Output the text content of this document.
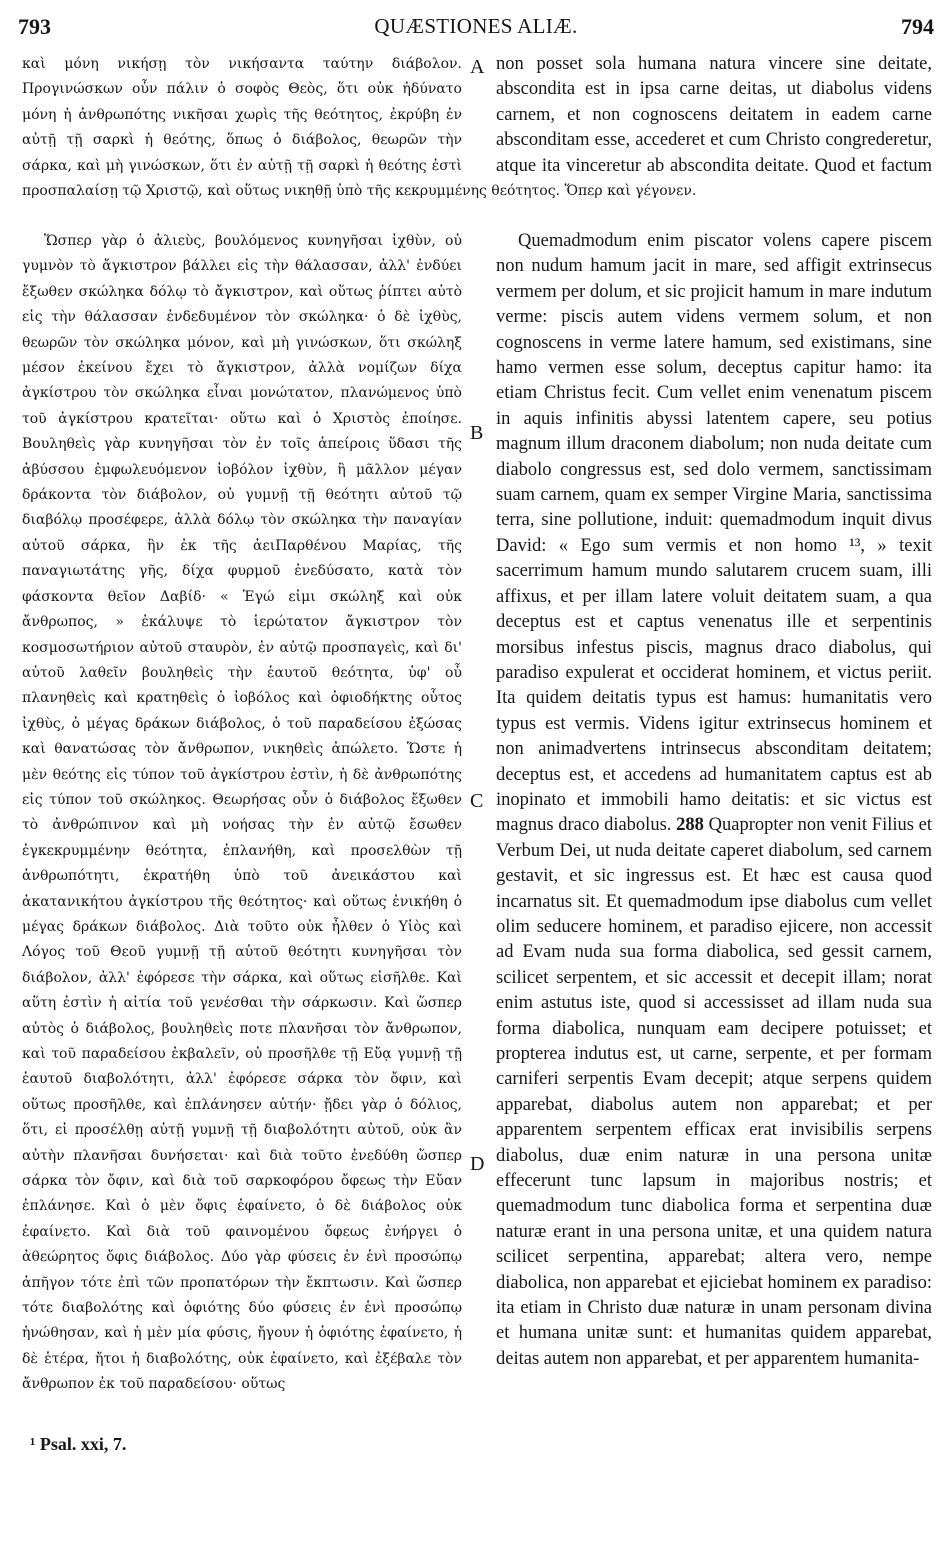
793	QUÆSTIONES ALIÆ.	794

καὶ μόνη νικήσῃ τὸν νικήσαντα ταύτην διάβολον. Προγινώσκων οὖν πάλιν ὁ σοφὸς Θεὸς, ὅτι οὐκ ἠδύνατο μόνη ἡ ἀνθρωπότης νικῆσαι χωρὶς τῆς θεότητος, ἐκρύβη ἐν αὐτῇ τῇ σαρκὶ ἡ θεότης, ὅπως ὁ διάβολος, θεωρῶν τὴν σάρκα, καὶ μὴ γινώσκων, ὅτι ἐν αὐτῇ τῇ σαρκὶ ἡ θεότης ἐστὶ

Ὥσπερ γὰρ ὁ ἁλιεὺς, βουλόμενος κυνηγῆσαι ἰχθὺν, οὐ γυμνὸν τὸ ἄγκιστρον βάλλει εἰς τὴν θάλασσαν, ἀλλ' ἐνδύει ἔξωθεν σκώληκα δόλῳ τὸ ἄγκιστρον, καὶ οὕτως ῥίπτει αὐτὸ εἰς τὴν θάλασσαν ἐνδεδυμένον τὸν σκώληκα· ὁ δὲ ἰχθὺς, θεωρῶν τὸν σκώληκα μόνον, καὶ μὴ γινώσκων, ὅτι σκώληξ μέσον ἐκείνου ἔχει τὸ ἄγκιστρον, ἀλλὰ νομίζων δίχα ἀγκίστρου τὸν σκώληκα εἶναι μονώτατον, πλανώμενος ὑπὸ τοῦ ἀγκίστρου κρατεῖται· οὕτω καὶ ὁ Χριστὸς ἐποίησε. Βουληθεὶς γὰρ κυνηγῆσαι τὸν ἐν τοῖς ἀπείροις ὕδασι τῆς ἀβύσσου ἐμφωλευόμενον ἰοβόλον ἰχθὺν, ἢ μᾶλλον μέγαν δράκοντα τὸν διάβολον, οὐ γυμνῇ τῇ θεότητι αὐτοῦ τῷ διαβόλῳ προσέφερε, ἀλλὰ δόλῳ τὸν σκώληκα τὴν παναγίαν αὐτοῦ σάρκα, ἣν ἐκ τῆς ἀειΠαρθένου Μαρίας, τῆς παναγιωτάτης γῆς, δίχα φυρμοῦ ἐνεδύσατο, κατὰ τὸν φάσκοντα θεῖον Δαβίδ· « Ἐγώ εἰμι σκώληξ καὶ οὐκ ἄνθρωπος, » ἐκάλυψε τὸ ἱερώτατον ἄγκιστρον τὸν κοσμοσωτήριον αὐτοῦ σταυρὸν, ἐν αὐτῷ προσπαγεὶς, καὶ δι' αὐτοῦ λαθεῖν βουληθεὶς τὴν ἑαυτοῦ θεότητα, ὑφ' οὗ πλανηθεὶς καὶ κρατηθεὶς ὁ ἰοβόλος καὶ ὀφιοδήκτης οὗτος ἰχθὺς, ὁ μέγας δράκων διάβολος, ὁ τοῦ παραδείσου ἐξώσας καὶ θανατώσας τὸν ἄνθρωπον, νικηθεὶς ἀπώλετο. Ὥστε ἡ μὲν θεότης εἰς τύπον τοῦ ἀγκίστρου ἐστὶν, ἡ δὲ ἀνθρωπότης εἰς τύπον τοῦ σκώληκος. Θεωρήσας οὖν ὁ διάβολος ἔξωθεν τὸ ἀνθρώπινον καὶ μὴ νοήσας τὴν ἐν αὐτῷ ἔσωθεν ἐγκεκρυμμένην θεότητα, ἐπλανήθη, καὶ προσελθὼν τῇ ἀνθρωπότητι, ἐκρατήθη ὑπὸ τοῦ ἀνεικάστου καὶ ἀκατανικήτου ἀγκίστρου τῆς θεότητος· καὶ οὕτως ἐνικήθη ὁ μέγας δράκων διάβολος. Διὰ τοῦτο οὐκ ἦλθεν ὁ Υἱὸς καὶ Λόγος τοῦ Θεοῦ γυμνῇ τῇ αὐτοῦ θεότητι κυνηγῆσαι τὸν διάβολον, ἀλλ' ἐφόρεσε τὴν σάρκα, καὶ οὕτως εἰσῆλθε. Καὶ αὕτη ἐστὶν ἡ αἰτία τοῦ γενέσθαι τὴν σάρκωσιν. Καὶ ὥσπερ αὐτὸς ὁ διάβολος, βουληθεὶς ποτε πλανῆσαι τὸν ἄνθρωπον, καὶ τοῦ παραδείσου ἐκβαλεῖν, οὐ προσῆλθε τῇ Εὔᾳ γυμνῇ τῇ ἑαυτοῦ διαβολότητι, ἀλλ' ἐφόρεσε σάρκα τὸν ὄφιν, καὶ οὕτως προσῆλθε, καὶ ἐπλάνησεν αὐτήν· ᾔδει γὰρ ὁ δόλιος, ὅτι, εἰ προσέλθῃ αὐτῇ γυμνῇ τῇ διαβολότητι αὐτοῦ, οὐκ ἂν αὐτὴν πλανῆσαι δυνήσεται· καὶ διὰ τοῦτο ἐνεδύθη ὥσπερ σάρκα τὸν ὄφιν, καὶ διὰ τοῦ σαρκοφόρου ὄφεως τὴν Εὔαν ἐπλάνησε. Καὶ ὁ μὲν ὄφις ἐφαίνετο, ὁ δὲ διάβολος οὐκ ἐφαίνετο. Καὶ διὰ τοῦ φαινομένου ὄφεως ἐνήργει ὁ ἀθεώρητος ὄφις διάβολος. Δύο γὰρ φύσεις ἐν ἑνὶ προσώπῳ ἀπῆγον τότε ἐπὶ τῶν προπατόρων τὴν ἔκπτωσιν. Καὶ ὥσπερ τότε διαβολότης καὶ ὀφιότης δύο φύσεις ἐν ἑνὶ προσώπῳ ἡνώθησαν, καὶ ἡ μὲν μία φύσις, ἤγουν ἡ ὀφιότης ἐφαίνετο, ἡ δὲ ἑτέρα, ἤτοι ἡ διαβολότης, οὐκ ἐφαίνετο, καὶ ἐξέβαλε τὸν ἄνθρωπον ἐκ τοῦ παραδείσου· οὕτως

προσπαλαίσῃ τῷ Χριστῷ, καὶ οὕτως νικηθῇ ὑπὸ τῆς κεκρυμμένης θεότητος. Ὅπερ καὶ γέγονεν.

non posset sola humana natura vincere sine deitate, abscondita est in ipsa carne deitas, ut diabolus videns carnem, et non cognoscens deitatem in eadem carne absconditam esse, accederet et cum Christo congrederetur, atque ita vinceretur ab abscondita deitate. Quod et factum

Quemadmodum enim piscator volens capere piscem non nudum hamum jacit in mare, sed affigit extrinsecus vermem per dolum, et sic projicit hamum in mare indutum verme: piscis autem videns vermem solum, et non cognoscens in verme latere hamum, sed existimans, sine hamo vermen esse solum, deceptus capitur hamo: ita etiam Christus fecit. Cum vellet enim venenatum piscem in aquis infinitis abyssi latentem capere, seu potius magnum illum draconem diabolum; non nuda deitate cum diabolo congressus est, sed dolo vermem, sanctissimam suam carnem, quam ex semper Virgine Maria, sanctissima terra, sine pollutione, induit: quemadmodum inquit divus David: « Ego sum vermis et non homo ¹³, » texit sacerrimum hamum mundo salutarem crucem suam, illi affixus, et per illam latere voluit deitatem suam, a qua deceptus est et captus venenatus ille et serpentinis morsibus infestus piscis, magnus draco diabolus, qui paradiso expulerat et occiderat hominem, et victus periit. Ita quidem deitatis typus est hamus: humanitatis vero typus est vermis. Videns igitur extrinsecus hominem et non animadvertens intrinsecus absconditam deitatem; deceptus est, et accedens ad humanitatem captus est ab inopinato et immobili hamo deitatis: et sic victus est magnus draco diabolus. 288 Quapropter non venit Filius et Verbum Dei, ut nuda deitate caperet diabolum, sed carnem gestavit, et sic ingressus est. Et hæc est causa quod incarnatus sit. Et quemadmodum ipse diabolus cum vellet olim seducere hominem, et paradiso ejicere, non accessit ad Evam nuda sua forma diabolica, sed gessit carnem, scilicet serpentem, et sic accessit et decepit illam; norat enim astutus iste, quod si accessisset ad illam nuda sua forma diabolica, nunquam eam decipere potuisset; et propterea indutus est, ut carne, serpente, et per formam carniferi serpentis Evam decepit; atque serpens quidem apparebat, diabolus autem non apparebat; et per apparentem serpentem efficax erat invisibilis serpens diabolus, duæ enim naturæ in una persona unitæ effecerunt tunc lapsum in majoribus nostris; et quemadmodum tunc diabolica forma et serpentina duæ naturæ erant in una persona unitæ, et una quidem natura scilicet serpentina, apparebat; altera vero, nempe diabolica, non apparebat et ejiciebat hominem ex paradiso: ita etiam in Christo duæ naturæ in unam personam divina et humana unitæ sunt: et humanitas quidem apparebat, deitas autem non apparebat, et per apparentem humanita-

A
B
C
D
¹ Psal. xxi, 7.
